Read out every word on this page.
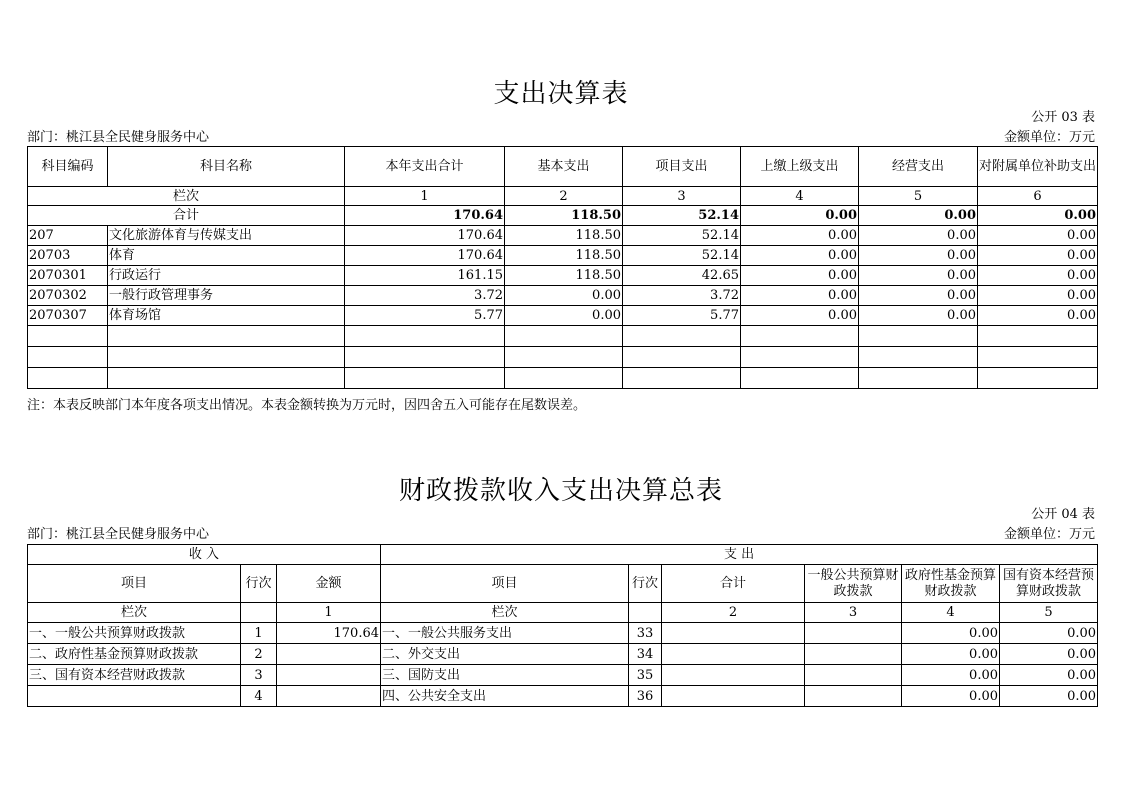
支出决算表
公开 03 表
部门：桃江县全民健身服务中心	金额单位：万元
科目编码	科目名称	本年支出合计	基本支出	项目支出	上缴上级支出	经营支出	对附属单位补助支出
栏次		1	2	3	4	5	6
合计		170.64	118.50	52.14	0.00	0.00	0.00
207	文化旅游体育与传媒支出	170.64	118.50	52.14	0.00	0.00	0.00
20703	体育	170.64	118.50	52.14	0.00	0.00	0.00
2070301	行政运行	161.15	118.50	42.65	0.00	0.00	0.00
2070302	一般行政管理事务	3.72	0.00	3.72	0.00	0.00	0.00
2070307	体育场馆	5.77	0.00	5.77	0.00	0.00	0.00

注：本表反映部门本年度各项支出情况。本表金额转换为万元时，因四舍五入可能存在尾数误差。
财政拨款收入支出决算总表
公开 04 表
部门：桃江县全民健身服务中心	金额单位：万元
收 入			支 出					
项目	行次	金额	项目	行次	合计	一般公共预算财政拨款	政府性基金预算财政拨款	国有资本经营预算财政拨款
栏次		1	栏次		2	3	4	5
一、一般公共预算财政拨款	1	170.64	一、一般公共服务支出	33			0.00	0.00
二、政府性基金预算财政拨款	2		二、外交支出	34			0.00	0.00
三、国有资本经营财政拨款	3		三、国防支出	35			0.00	0.00
	4		四、公共安全支出	36			0.00	0.00
